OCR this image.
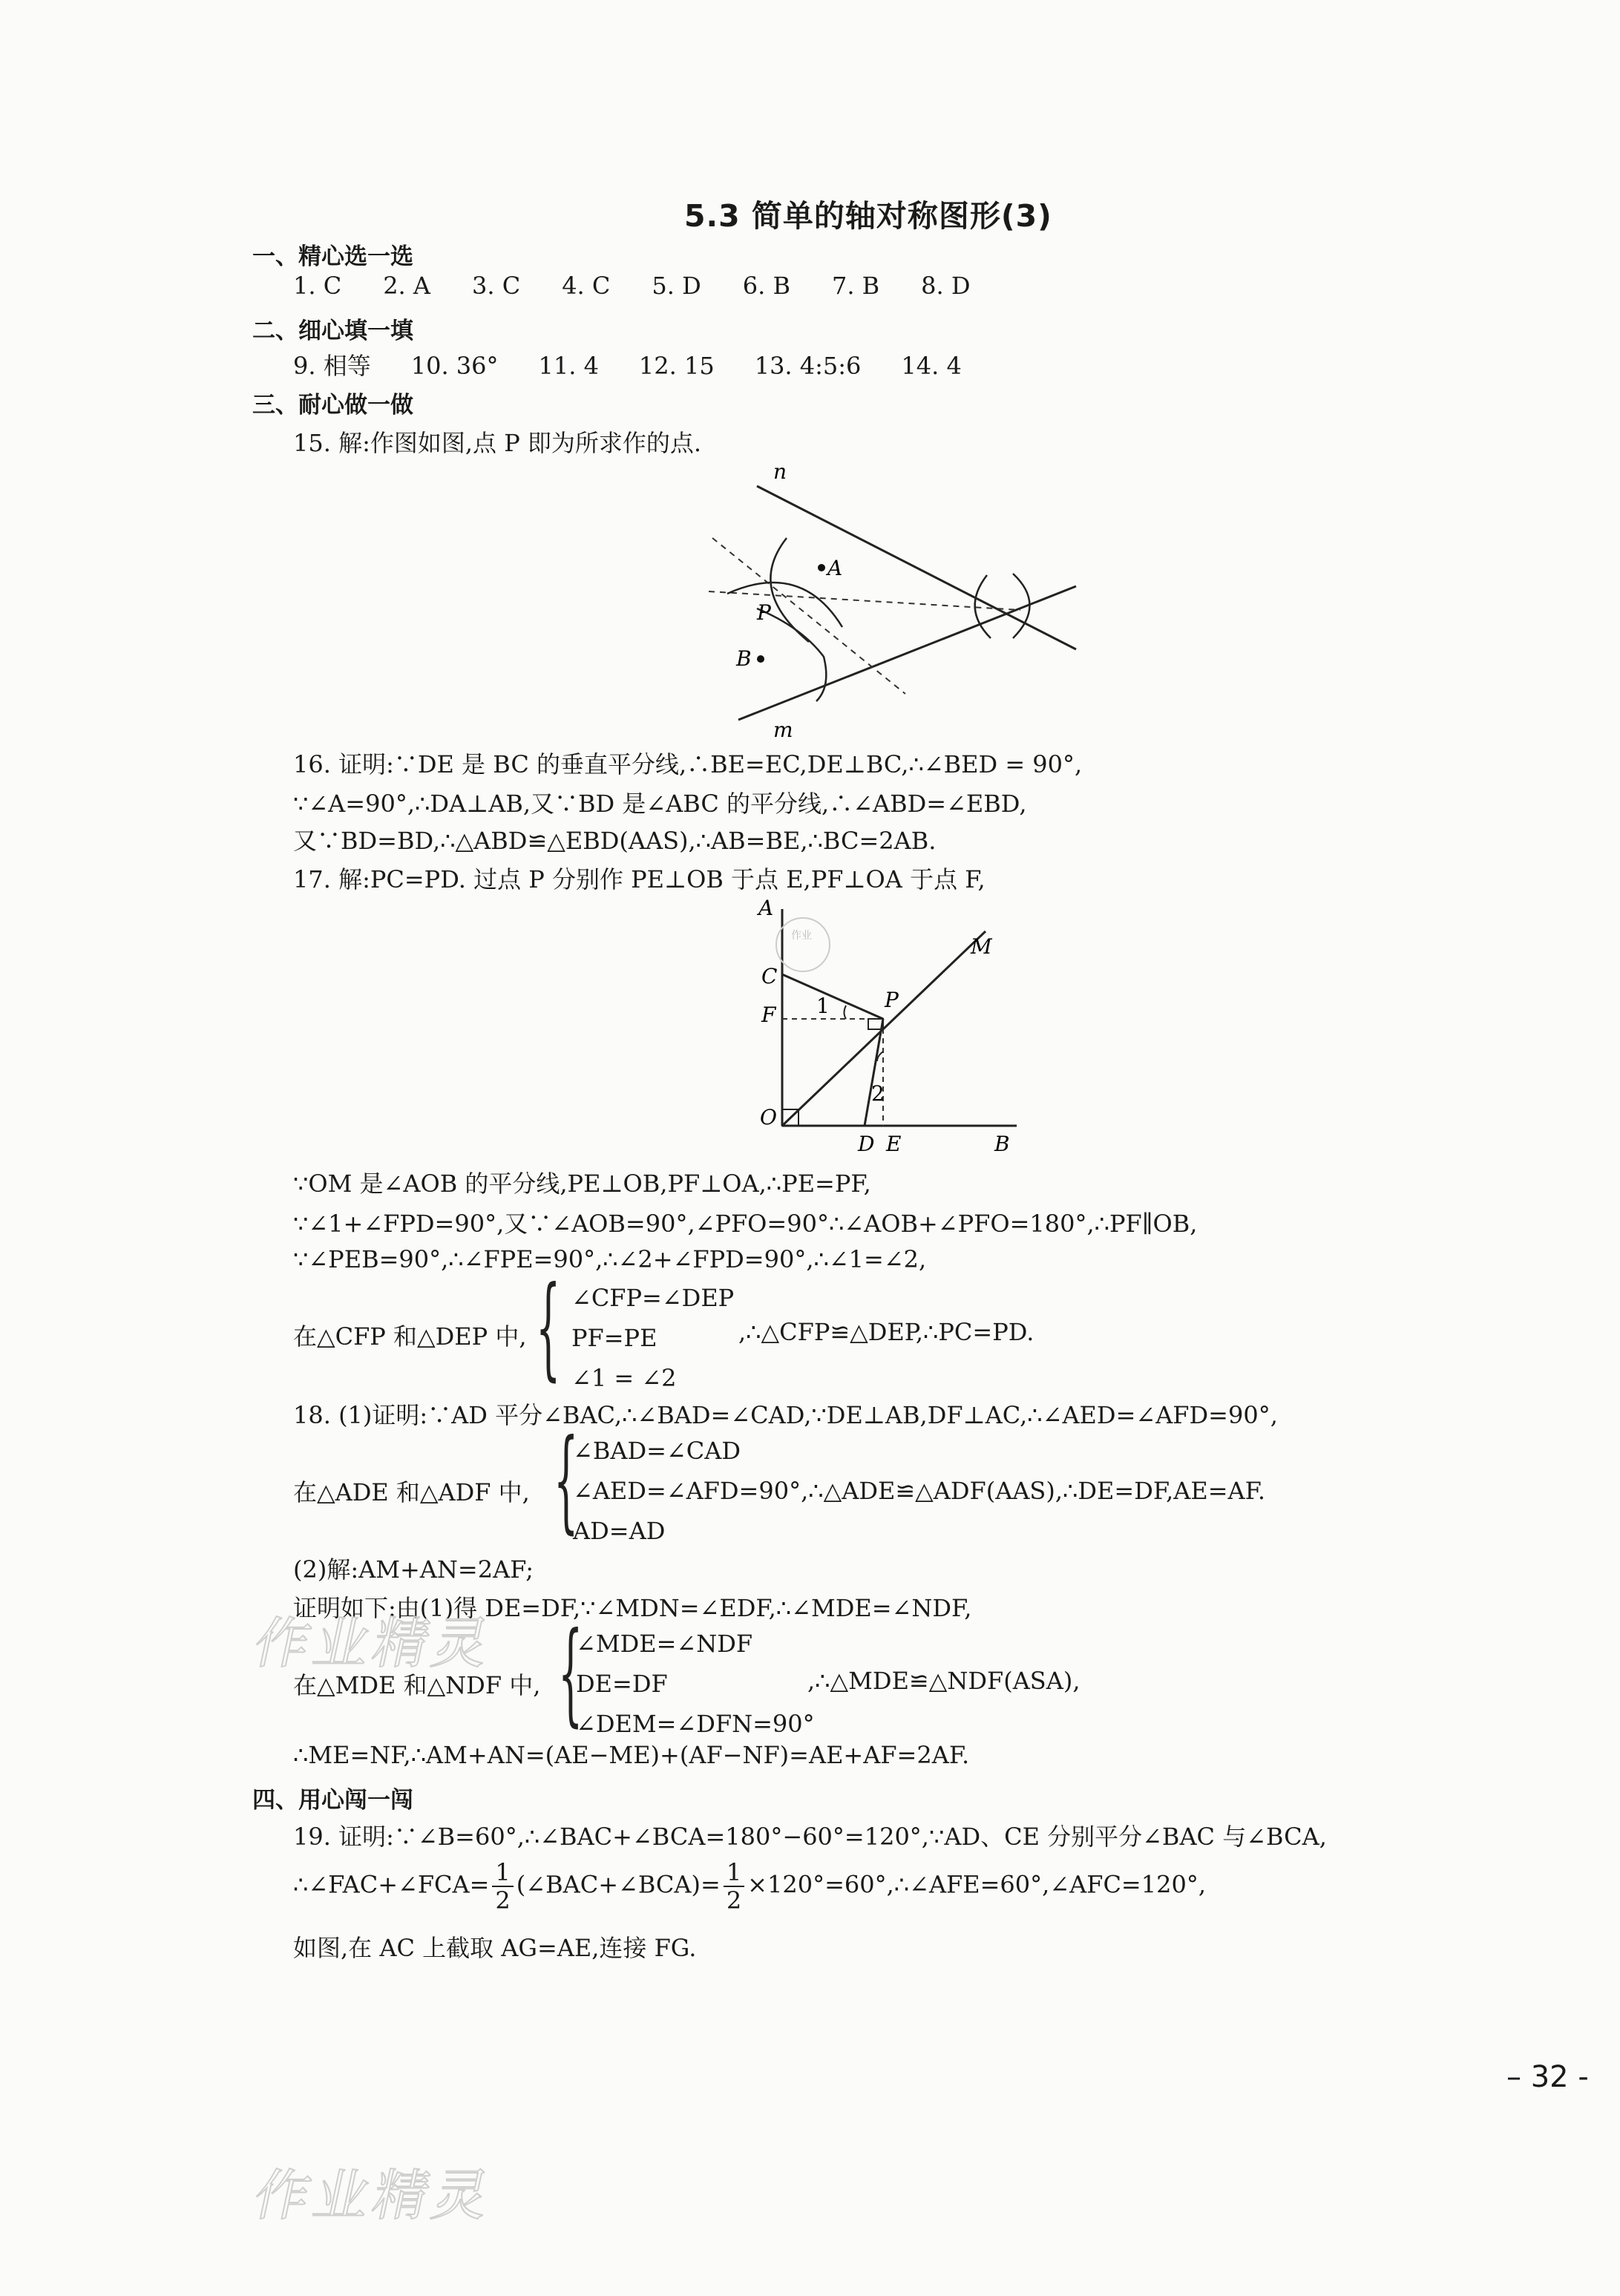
5.3 简单的轴对称图形(3)
一、精心选一选
1. C 2. A 3. C 4. C 5. D 6. B 7. B 8. D
二、细心填一填
9. 相等 10. 36° 11. 4 12. 15 13. 4:5:6 14. 4
三、耐心做一做
15. 解:作图如图,点 P 即为所求作的点.
n
A
P
B
m
16. 证明:∵DE 是 BC 的垂直平分线,∴BE=EC,DE⊥BC,∴∠BED = 90°,
∵∠A=90°,∴DA⊥AB,又∵BD 是∠ABC 的平分线,∴∠ABD=∠EBD,
又∵BD=BD,∴△ABD≌△EBD(AAS),∴AB=BE,∴BC=2AB.
17. 解:PC=PD. 过点 P 分别作 PE⊥OB 于点 E,PF⊥OA 于点 F,
作业
A
M
C
P
1
F
2
O
D E	B
∵OM 是∠AOB 的平分线,PE⊥OB,PF⊥OA,∴PE=PF,
∵∠1+∠FPD=90°,又∵∠AOB=90°,∠PFO=90°∴∠AOB+∠PFO=180°,∴PF∥OB,
∵∠PEB=90°,∴∠FPE=90°,∴∠2+∠FPD=90°,∴∠1=∠2,
在△CFP 和△DEP 中, { ∠CFP=∠DEP
PF=PE
∠1 = ∠2
,∴△CFP≌△DEP,∴PC=PD.
18. (1)证明:∵AD 平分∠BAC,∴∠BAD=∠CAD,∵DE⊥AB,DF⊥AC,∴∠AED=∠AFD=90°,
在△ADE 和△ADF 中, {
∠BAD=∠CAD
∠AED=∠AFD=90°,∴△ADE≌△ADF(AAS),∴DE=DF,AE=AF.
AD=AD
(2)解:AM+AN=2AF;
证明如下:由(1)得 DE=DF,∵∠MDN=∠EDF,∴∠MDE=∠NDF,
在△MDE 和△NDF 中, {
∠MDE=∠NDF
DE=DF
∠DEM=∠DFN=90°
,∴△MDE≌△NDF(ASA),
∴ME=NF,∴AM+AN=(AE−ME)+(AF−NF)=AE+AF=2AF.
四、用心闯一闯
19. 证明:∵∠B=60°,∴∠BAC+∠BCA=180°−60°=120°,∵AD、CE 分别平分∠BAC 与∠BCA,
∴∠FAC+∠FCA= $\frac{1}{2}$ (∠BAC+∠BCA)= $\frac{1}{2}$ ×120°=60°,∴∠AFE=60°,∠AFC=120°,
如图,在 AC 上截取 AG=AE,连接 FG.
作业精灵
作业精灵
– 32 -
